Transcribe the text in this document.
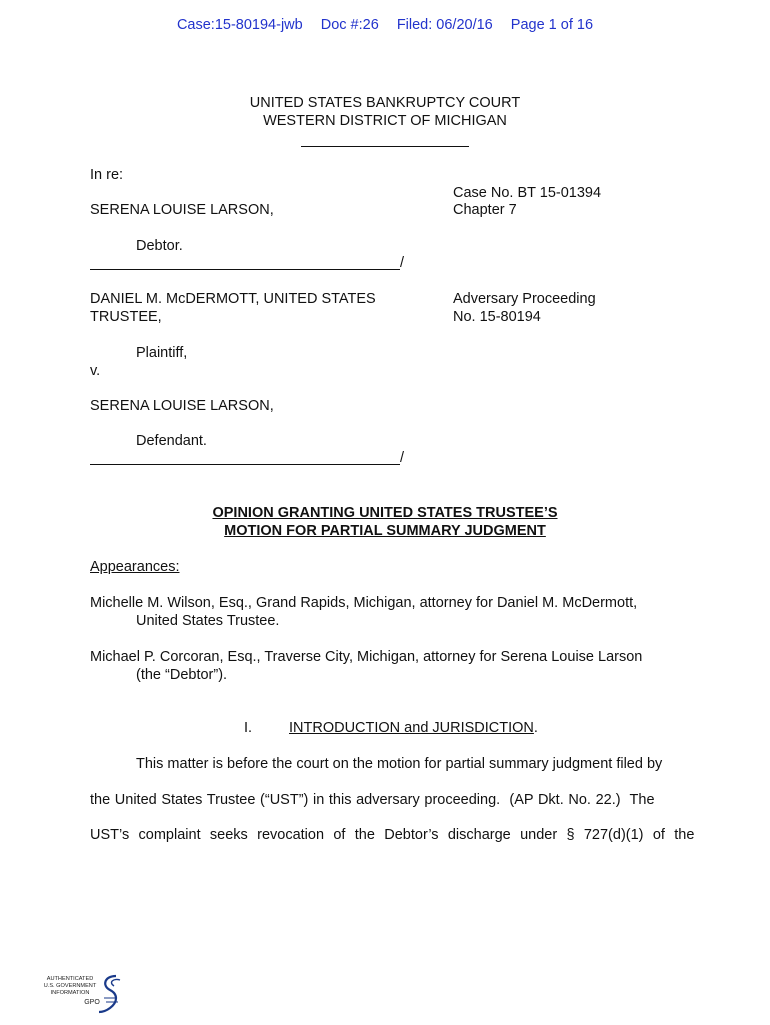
Case:15-80194-jwb Doc #:26 Filed: 06/20/16 Page 1 of 16
UNITED STATES BANKRUPTCY COURT
WESTERN DISTRICT OF MICHIGAN
In re:
SERENA LOUISE LARSON,
Case No. BT 15-01394
Chapter 7
Debtor.
/
DANIEL M. McDERMOTT, UNITED STATES
TRUSTEE,
Adversary Proceeding
No. 15-80194
Plaintiff,
v.
SERENA LOUISE LARSON,
Defendant.
/
OPINION GRANTING UNITED STATES TRUSTEE’S
MOTION FOR PARTIAL SUMMARY JUDGMENT
Appearances:
Michelle M. Wilson, Esq., Grand Rapids, Michigan, attorney for Daniel M. McDermott,
United States Trustee.
Michael P. Corcoran, Esq., Traverse City, Michigan, attorney for Serena Louise Larson
(the “Debtor”).
I.	INTRODUCTION and JURISDICTION.
This matter is before the court on the motion for partial summary judgment filed by
the United States Trustee (“UST”) in this adversary proceeding.  (AP Dkt. No. 22.)  The
UST’s complaint seeks revocation of the Debtor’s discharge under § 727(d)(1) of the
AUTHENTICATED
U.S. GOVERNMENT
INFORMATION
GPO
